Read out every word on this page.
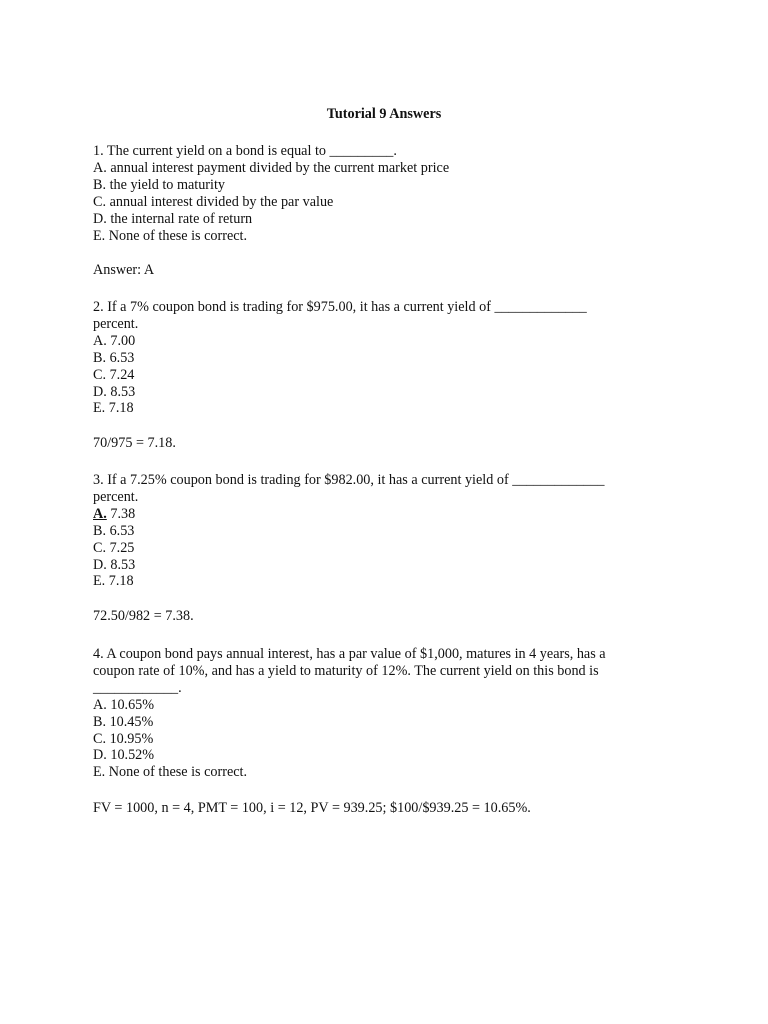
Tutorial 9 Answers
1. The current yield on a bond is equal to _________.
A. annual interest payment divided by the current market price
B. the yield to maturity
C. annual interest divided by the par value
D. the internal rate of return
E. None of these is correct.
Answer: A
2. If a 7% coupon bond is trading for $975.00, it has a current yield of _____________
percent.
A. 7.00
B. 6.53
C. 7.24
D. 8.53
E. 7.18
70/975 = 7.18.
3. If a 7.25% coupon bond is trading for $982.00, it has a current yield of _____________
percent.
A. 7.38
B. 6.53
C. 7.25
D. 8.53
E. 7.18
72.50/982 = 7.38.
4. A coupon bond pays annual interest, has a par value of $1,000, matures in 4 years, has a
coupon rate of 10%, and has a yield to maturity of 12%. The current yield on this bond is
____________.
A. 10.65%
B. 10.45%
C. 10.95%
D. 10.52%
E. None of these is correct.
FV = 1000, n = 4, PMT = 100, i = 12, PV = 939.25; $100/$939.25 = 10.65%.
